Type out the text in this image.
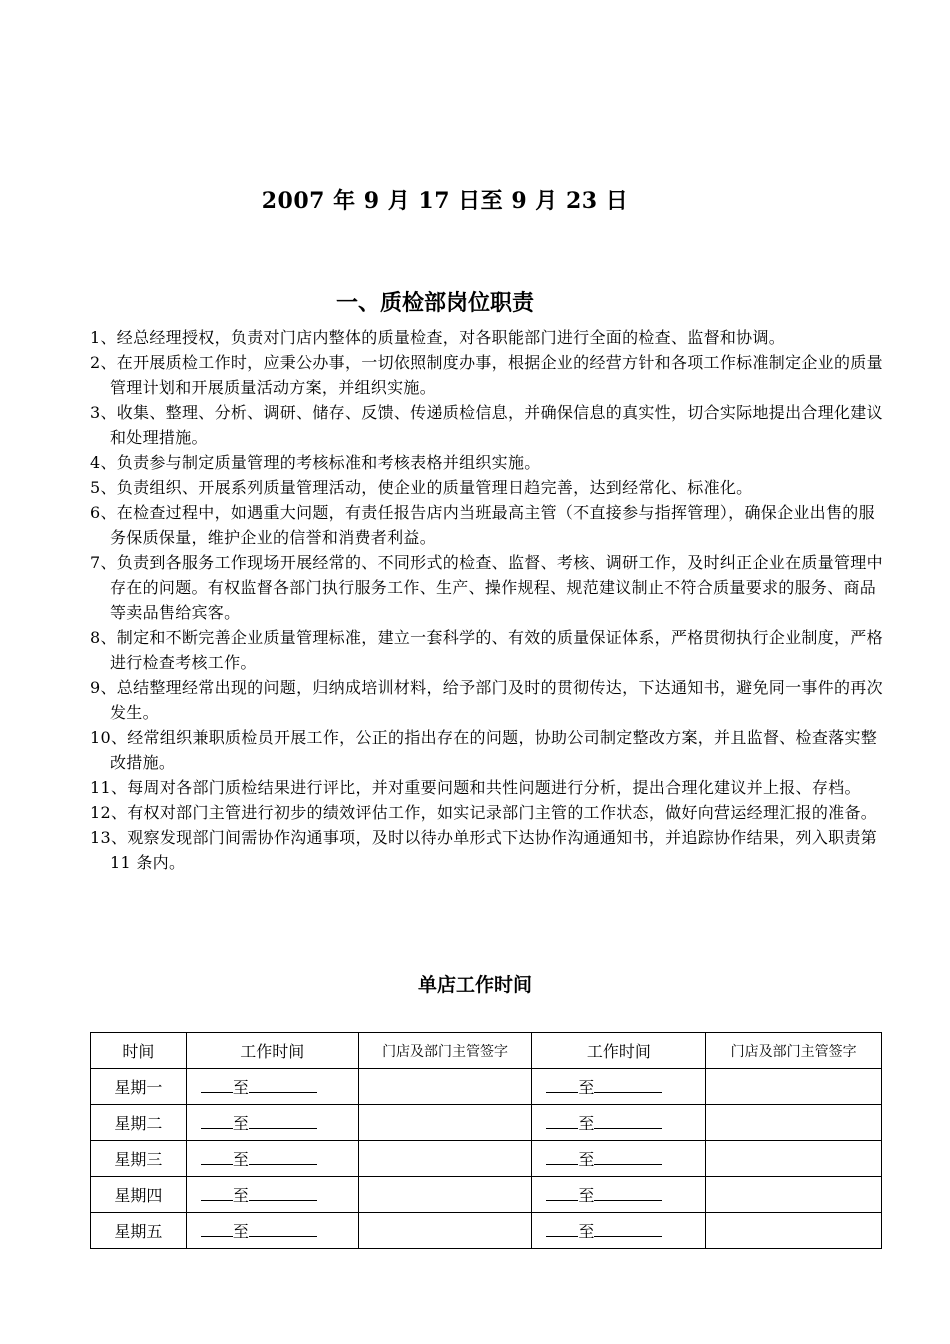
2007 年 9 月 17 日至 9 月 23 日
一、质检部岗位职责
1、经总经理授权，负责对门店内整体的质量检查，对各职能部门进行全面的检查、监督和协调。
2、在开展质检工作时，应秉公办事，一切依照制度办事，根据企业的经营方针和各项工作标准制定企业的质量管理计划和开展质量活动方案，并组织实施。
3、收集、整理、分析、调研、储存、反馈、传递质检信息，并确保信息的真实性，切合实际地提出合理化建议和处理措施。
4、负责参与制定质量管理的考核标准和考核表格并组织实施。
5、负责组织、开展系列质量管理活动，使企业的质量管理日趋完善，达到经常化、标准化。
6、在检查过程中，如遇重大问题，有责任报告店内当班最高主管（不直接参与指挥管理），确保企业出售的服务保质保量，维护企业的信誉和消费者利益。
7、负责到各服务工作现场开展经常的、不同形式的检查、监督、考核、调研工作，及时纠正企业在质量管理中存在的问题。有权监督各部门执行服务工作、生产、操作规程、规范建议制止不符合质量要求的服务、商品等卖品售给宾客。
8、制定和不断完善企业质量管理标准，建立一套科学的、有效的质量保证体系，严格贯彻执行企业制度，严格进行检查考核工作。
9、总结整理经常出现的问题，归纳成培训材料，给予部门及时的贯彻传达，下达通知书，避免同一事件的再次发生。
10、经常组织兼职质检员开展工作，公正的指出存在的问题，协助公司制定整改方案，并且监督、检查落实整改措施。
11、每周对各部门质检结果进行评比，并对重要问题和共性问题进行分析，提出合理化建议并上报、存档。
12、有权对部门主管进行初步的绩效评估工作，如实记录部门主管的工作状态，做好向营运经理汇报的准备。
13、观察发现部门间需协作沟通事项，及时以待办单形式下达协作沟通通知书，并追踪协作结果，列入职责第 11 条内。
单店工作时间
时间	工作时间	门店及部门主管签字	工作时间	门店及部门主管签字
星期一	至		至	
星期二	至		至	
星期三	至		至	
星期四	至		至	
星期五	至		至	
